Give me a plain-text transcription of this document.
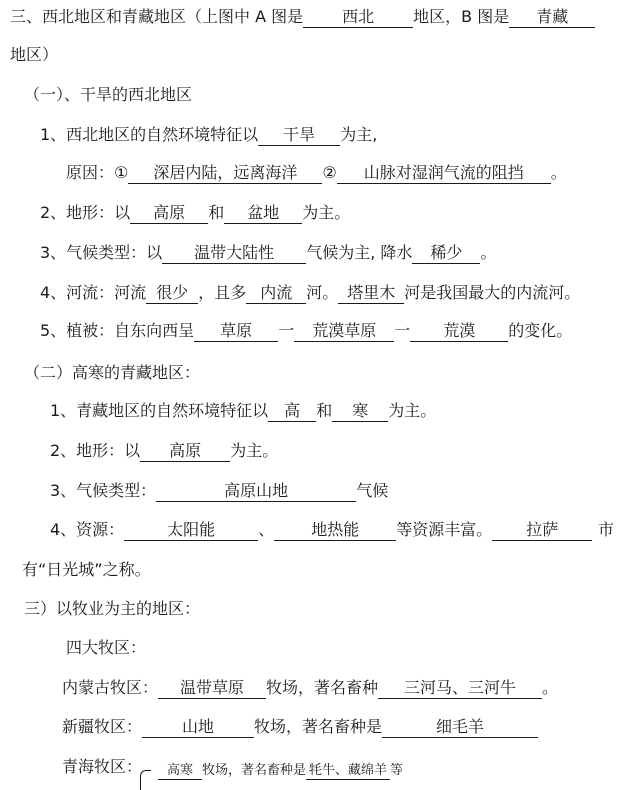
三、西北地区和青藏地区（上图中 A 图是 西北 地区，B 图是 青藏
地区）
（一）、干旱的西北地区
1、西北地区的自然环境特征以 干旱 为主,
原因：① 深居内陆，远离海洋 ② 山脉对湿润气流的阻挡 。
2、地形：以 高原 和 盆地 为主。
3、气候类型：以 温带大陆性 气候为主, 降水 稀少 。
4、河流：河流 很少 ，且多 内流 河。 塔里木 河是我国最大的内流河。
5、植被：自东向西呈 草原 一 荒漠草原 一 荒漠 的变化。
（二）高寒的青藏地区：
1、青藏地区的自然环境特征以 高 和 寒 为主。
2、地形：以 高原 为主。
3、气候类型：	高原山地	气候
4、资源：	太阳能	、 地热能 等资源丰富。 拉萨	市
有“日光城”之称。
三）以牧业为主的地区：
四大牧区：
内蒙古牧区： 温带草原 牧场，著名畜种 三河马、三河牛 。
新疆牧区： 山地	牧场，著名畜种是	细毛羊
青海牧区：	高寒 牧场，著名畜种是 牦牛、藏绵羊 等
